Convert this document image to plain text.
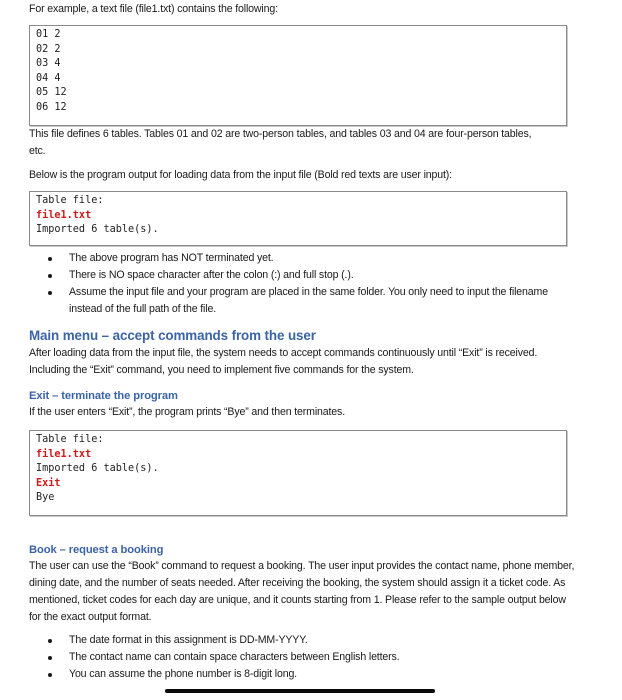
For example, a text file (file1.txt) contains the following:

01 2
02 2
03 4
04 4
05 12
06 12

This file defines 6 tables. Tables 01 and 02 are two-person tables, and tables 03 and 04 are four-person tables, etc.

Below is the program output for loading data from the input file (Bold red texts are user input):

Table file:
file1.txt
Imported 6 table(s).
The above program has NOT terminated yet.
There is NO space character after the colon (:) and full stop (.).
Assume the input file and your program are placed in the same folder. You only need to input the filename instead of the full path of the file.
Main menu – accept commands from the user

After loading data from the input file, the system needs to accept commands continuously until “Exit” is received. Including the “Exit” command, you need to implement five commands for the system.

Exit – terminate the program

If the user enters “Exit”, the program prints “Bye” and then terminates.

Table file:
file1.txt
Imported 6 table(s).
Exit
Bye
Book – request a booking

The user can use the “Book” command to request a booking. The user input provides the contact name, phone member, dining date, and the number of seats needed. After receiving the booking, the system should assign it a ticket code. As mentioned, ticket codes for each day are unique, and it counts starting from 1. Please refer to the sample output below for the exact output format.

The date format in this assignment is DD-MM-YYYY.
The contact name can contain space characters between English letters.
You can assume the phone number is 8-digit long.
